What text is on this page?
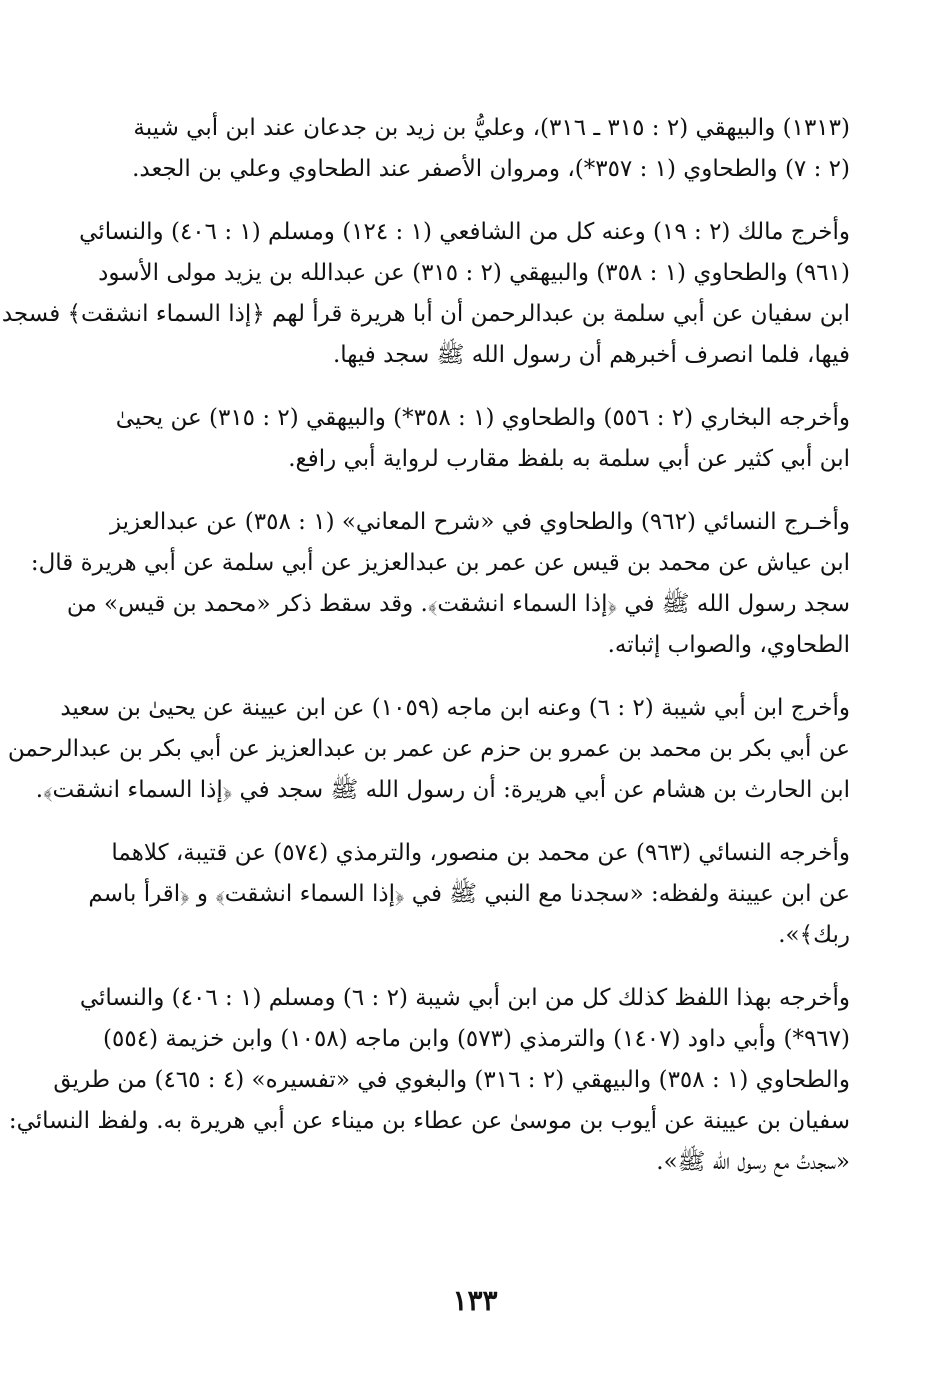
(١٣١٣) والبيهقي (٢ : ٣١٥ ـ ٣١٦)، وعليُّ بن زيد بن جدعان عند ابن أبي شيبة
(٢ : ٧) والطحاوي (١ : ٣٥٧*)، ومروان الأصفر عند الطحاوي وعلي بن الجعد.

وأخرج مالك (٢ : ١٩) وعنه كل من الشافعي (١ : ١٢٤) ومسلم (١ : ٤٠٦) والنسائي
(٩٦١) والطحاوي (١ : ٣٥٨) والبيهقي (٢ : ٣١٥) عن عبدالله بن يزيد مولى الأسود
ابن سفيان عن أبي سلمة بن عبدالرحمن أن أبا هريرة قرأ لهم ﴿إذا السماء انشقت﴾ فسجد
فيها، فلما انصرف أخبرهم أن رسول الله ﷺ سجد فيها.

وأخرجه البخاري (٢ : ٥٥٦) والطحاوي (١ : ٣٥٨*) والبيهقي (٢ : ٣١٥) عن يحيىٰ
ابن أبي كثير عن أبي سلمة به بلفظ مقارب لرواية أبي رافع.

وأخـرج النسائي (٩٦٢) والطحاوي في «شرح المعاني» (١ : ٣٥٨) عن عبدالعزيز
ابن عياش عن محمد بن قيس عن عمر بن عبدالعزيز عن أبي سلمة عن أبي هريرة قال:
سجد رسول الله ﷺ في ﴿إذا السماء انشقت﴾. وقد سقط ذكر «محمد بن قيس» من
الطحاوي، والصواب إثباته.

وأخرج ابن أبي شيبة (٢ : ٦) وعنه ابن ماجه (١٠٥٩) عن ابن عيينة عن يحيىٰ بن سعيد
عن أبي بكر بن محمد بن عمرو بن حزم عن عمر بن عبدالعزيز عن أبي بكر بن عبدالرحمن
ابن الحارث بن هشام عن أبي هريرة: أن رسول الله ﷺ سجد في ﴿إذا السماء انشقت﴾.

وأخرجه النسائي (٩٦٣) عن محمد بن منصور، والترمذي (٥٧٤) عن قتيبة، كلاهما
عن ابن عيينة ولفظه: «سجدنا مع النبي ﷺ في ﴿إذا السماء انشقت﴾ و ﴿اقرأ باسم
ربك﴾».

وأخرجه بهذا اللفظ كذلك كل من ابن أبي شيبة (٢ : ٦) ومسلم (١ : ٤٠٦) والنسائي
(٩٦٧*) وأبي داود (١٤٠٧) والترمذي (٥٧٣) وابن ماجه (١٠٥٨) وابن خزيمة (٥٥٤)
والطحاوي (١ : ٣٥٨) والبيهقي (٢ : ٣١٦) والبغوي في «تفسيره» (٤ : ٤٦٥) من طريق
سفيان بن عيينة عن أيوب بن موسىٰ عن عطاء بن ميناء عن أبي هريرة به. ولفظ النسائي:
«سجدتُ مع رسول الله ﷺ».

١٣٣
